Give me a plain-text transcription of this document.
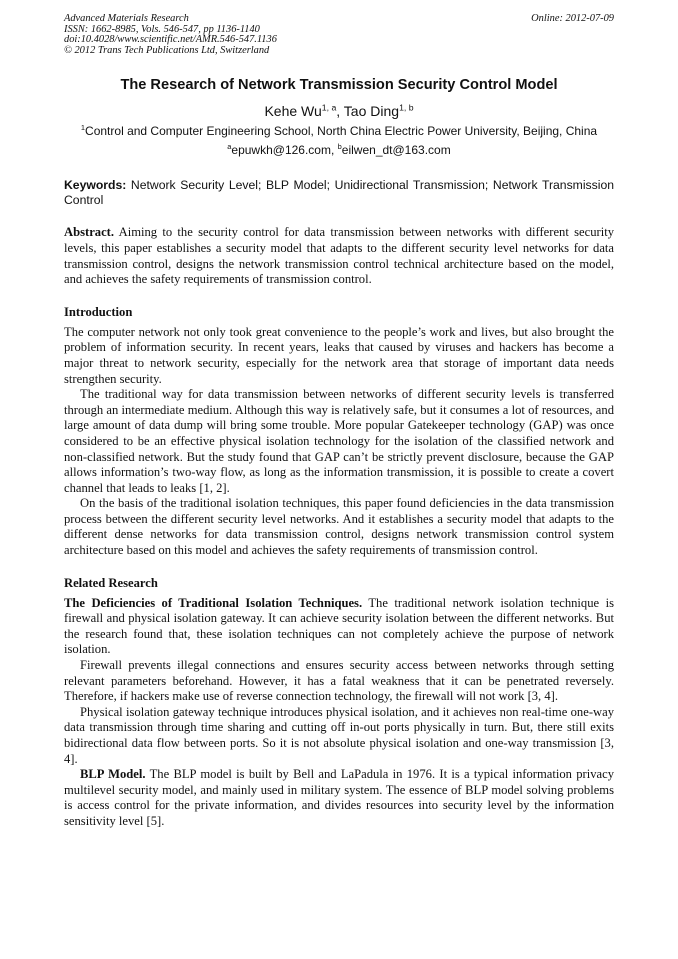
Advanced Materials Research
ISSN: 1662-8985, Vols. 546-547, pp 1136-1140
doi:10.4028/www.scientific.net/AMR.546-547.1136
© 2012 Trans Tech Publications Ltd, Switzerland
Online: 2012-07-09
The Research of Network Transmission Security Control Model
Kehe Wu$^{1, a}$, Tao Ding$^{1, b}$
$^1$Control and Computer Engineering School, North China Electric Power University, Beijing, China
$^a$epuwkh@126.com, $^b$eilwen_dt@163.com
Keywords: Network Security Level; BLP Model; Unidirectional Transmission; Network Transmission Control
Abstract. Aiming to the security control for data transmission between networks with different security levels, this paper establishes a security model that adapts to the different security level networks for data transmission control, designs the network transmission control technical architecture based on the model, and achieves the safety requirements of transmission control.
Introduction

The computer network not only took great convenience to the people’s work and lives, but also brought the problem of information security. In recent years, leaks that caused by viruses and hackers has become a major threat to network security, especially for the network area that storage of important data needs strengthen security.

The traditional way for data transmission between networks of different security levels is transferred through an intermediate medium. Although this way is relatively safe, but it consumes a lot of resources, and large amount of data dump will bring some trouble. More popular Gatekeeper technology (GAP) was once considered to be an effective physical isolation technology for the isolation of the classified network and non-classified network. But the study found that GAP can’t be strictly prevent disclosure, because the GAP allows information’s two-way flow, as long as the information transmission, it is possible to create a covert channel that leads to leaks [1, 2].

On the basis of the traditional isolation techniques, this paper found deficiencies in the data transmission process between the different security level networks. And it establishes a security model that adapts to the different dense networks for data transmission control, designs network transmission control system architecture based on this model and achieves the safety requirements of transmission control.

Related Research

The Deficiencies of Traditional Isolation Techniques. The traditional network isolation technique is firewall and physical isolation gateway. It can achieve security isolation between the different networks. But the research found that, these isolation techniques can not completely achieve the purpose of network isolation.

Firewall prevents illegal connections and ensures security access between networks through setting relevant parameters beforehand. However, it has a fatal weakness that it can be penetrated reversely. Therefore, if hackers make use of reverse connection technology, the firewall will not work [3, 4].

Physical isolation gateway technique introduces physical isolation, and it achieves non real-time one-way data transmission through time sharing and cutting off in-out ports physically in turn. But, there still exits bidirectional data flow between ports. So it is not absolute physical isolation and one-way transmission [3, 4].

BLP Model. The BLP model is built by Bell and LaPadula in 1976. It is a typical information privacy multilevel security model, and mainly used in military system. The essence of BLP model solving problems is access control for the private information, and divides resources into security level by the information sensitivity level [5].
